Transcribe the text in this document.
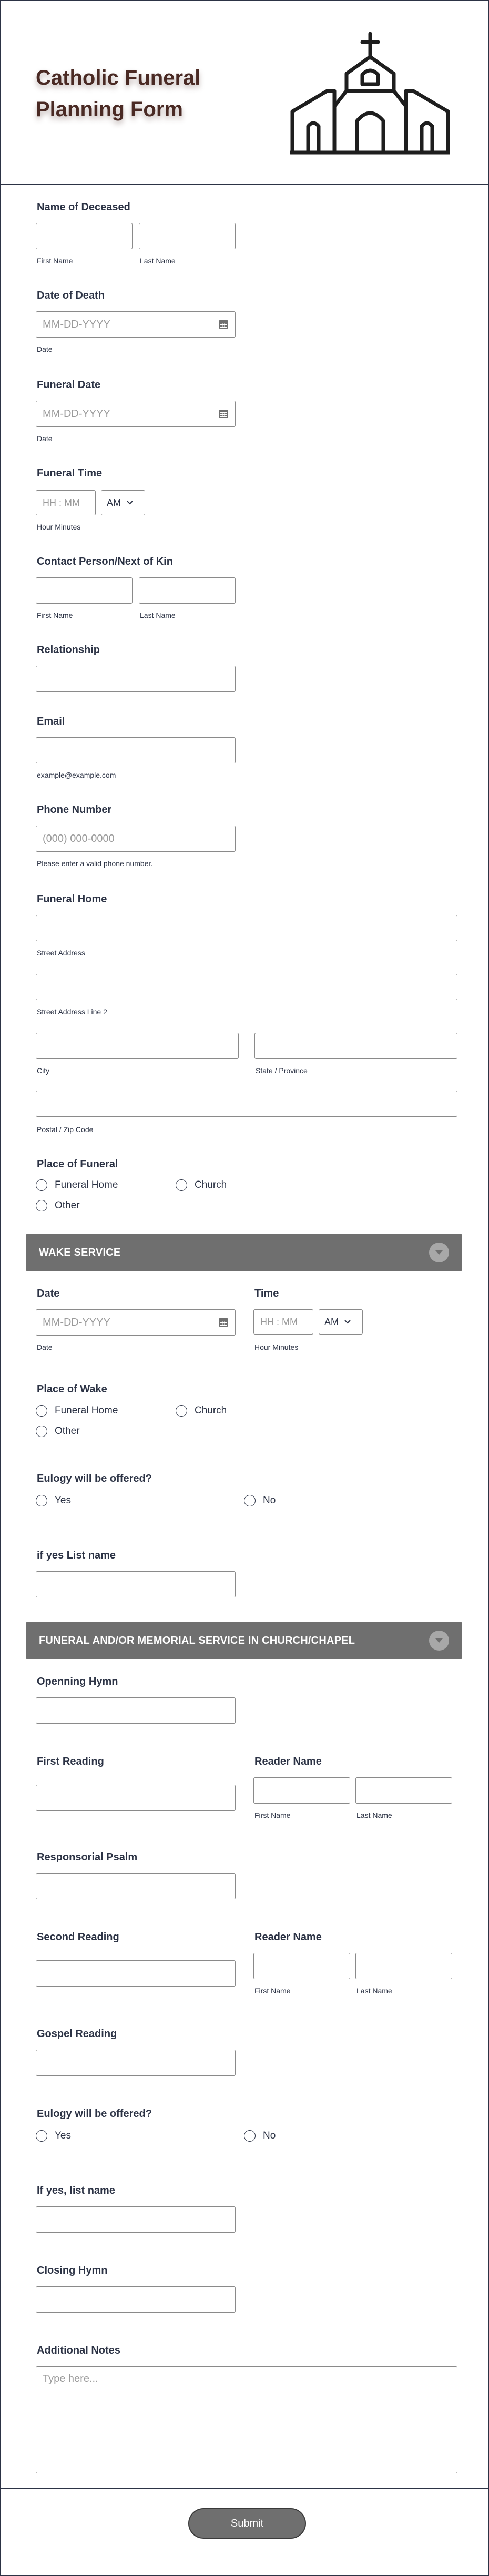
Catholic Funeral Planning Form
Name of Deceased
First Name	Last Name
Date of Death
MM-DD-YYYY
Date
Funeral Date
MM-DD-YYYY
Date
Funeral Time
HH : MM
AM
Hour Minutes
Contact Person/Next of Kin
First Name	Last Name
Relationship
Email
example@example.com
Phone Number
(000) 000-0000
Please enter a valid phone number.
Funeral Home
Street Address
Street Address Line 2
City	State / Province
Postal / Zip Code
Place of Funeral
Funeral Home	Church
Other
WAKE SERVICE
Date
MM-DD-YYYY
Date
Time
HH : MM
AM
Hour Minutes
Place of Wake
Funeral Home	Church
Other
Eulogy will be offered?
Yes	No
if yes List name
FUNERAL AND/OR MEMORIAL SERVICE IN CHURCH/CHAPEL
Openning Hymn
First Reading	Reader Name
First Name	Last Name
Responsorial Psalm
Second Reading	Reader Name
First Name	Last Name
Gospel Reading
Eulogy will be offered?
Yes	No
If yes, list name
Closing Hymn
Additional Notes
Type here...
Submit
